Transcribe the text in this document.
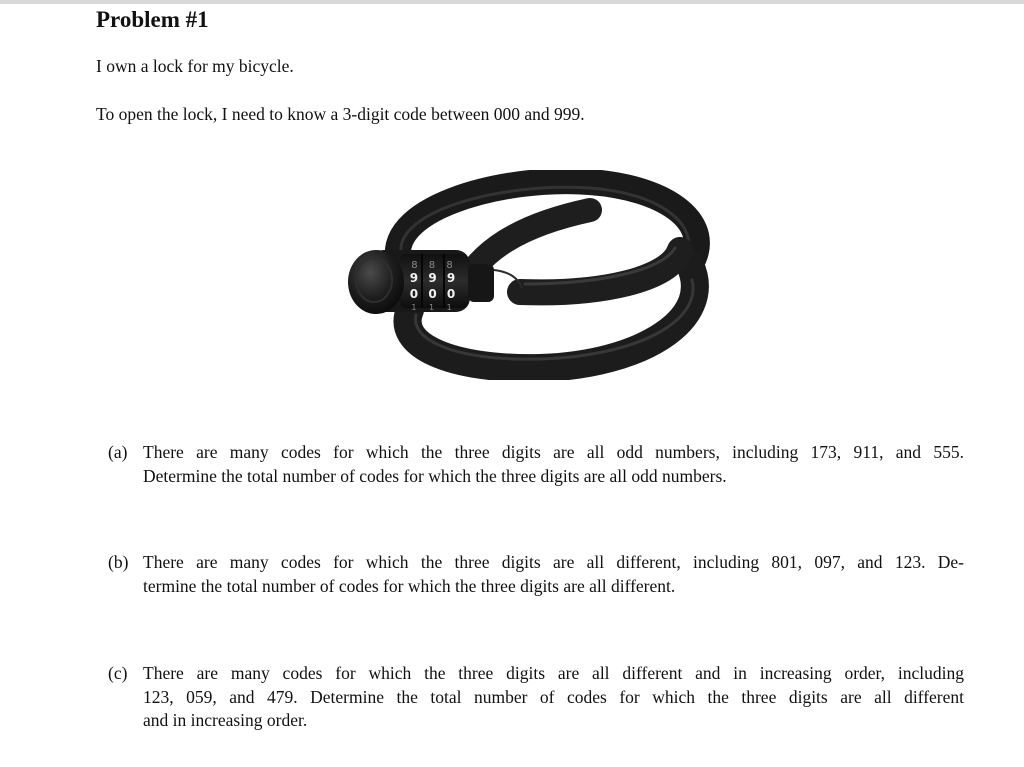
Problem #1

I own a lock for my bicycle.

To open the lock, I need to know a 3-digit code between 000 and 999.

8 8 8
9 9 9
0 0 0
1 1 1
(a) There are many codes for which the three digits are all odd numbers, including 173, 911, and 555.
Determine the total number of codes for which the three digits are all odd numbers.
(b) There are many codes for which the three digits are all different, including 801, 097, and 123. De-
termine the total number of codes for which the three digits are all different.
(c) There are many codes for which the three digits are all different and in increasing order, including
123, 059, and 479. Determine the total number of codes for which the three digits are all different
and in increasing order.
